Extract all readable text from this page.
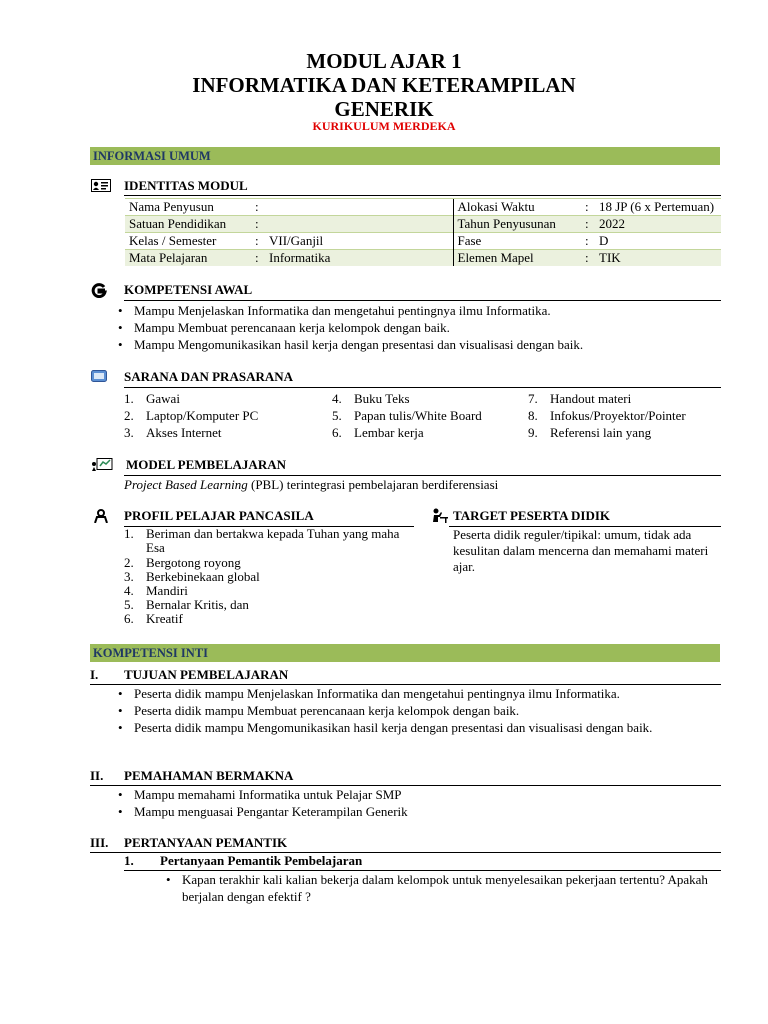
MODUL AJAR 1
INFORMATIKA DAN KETERAMPILAN
GENERIK
KURIKULUM MERDEKA
INFORMASI UMUM
IDENTITAS MODUL
Nama Penyusun	:		Alokasi Waktu	:	18 JP (6 x Pertemuan)
Satuan Pendidikan	:		Tahun Penyusunan	:	2022
Kelas / Semester	:	VII/Ganjil	Fase	:	D
Mata Pelajaran	:	Informatika	Elemen Mapel	:	TIK
KOMPETENSI AWAL
• Mampu Menjelaskan Informatika dan mengetahui pentingnya ilmu Informatika.
• Mampu Membuat perencanaan kerja kelompok dengan baik.
• Mampu Mengomunikasikan hasil kerja dengan presentasi dan visualisasi dengan baik.
SARANA DAN PRASARANA
1. Gawai
2. Laptop/Komputer PC
3. Akses Internet
4. Buku Teks
5. Papan tulis/White Board
6. Lembar kerja
7. Handout materi
8. Infokus/Proyektor/Pointer
9. Referensi lain yang
MODEL PEMBELAJARAN
Project Based Learning (PBL) terintegrasi pembelajaran berdiferensiasi
PROFIL PELAJAR PANCASILA
1. Beriman dan bertakwa kepada Tuhan yang maha Esa
2. Bergotong royong
3. Berkebinekaan global
4. Mandiri
5. Bernalar Kritis, dan
6. Kreatif
TARGET PESERTA DIDIK
Peserta didik reguler/tipikal: umum, tidak ada kesulitan dalam mencerna dan memahami materi ajar.
KOMPETENSI INTI
I. TUJUAN PEMBELAJARAN
• Peserta didik mampu Menjelaskan Informatika dan mengetahui pentingnya ilmu Informatika.
• Peserta didik mampu Membuat perencanaan kerja kelompok dengan baik.
• Peserta didik mampu Mengomunikasikan hasil kerja dengan presentasi dan visualisasi dengan baik.
II. PEMAHAMAN BERMAKNA
• Mampu memahami Informatika untuk Pelajar SMP
• Mampu menguasai Pengantar Keterampilan Generik
III. PERTANYAAN PEMANTIK
1. Pertanyaan Pemantik Pembelajaran
• Kapan terakhir kali kalian bekerja dalam kelompok untuk menyelesaikan pekerjaan tertentu? Apakah berjalan dengan efektif ?
